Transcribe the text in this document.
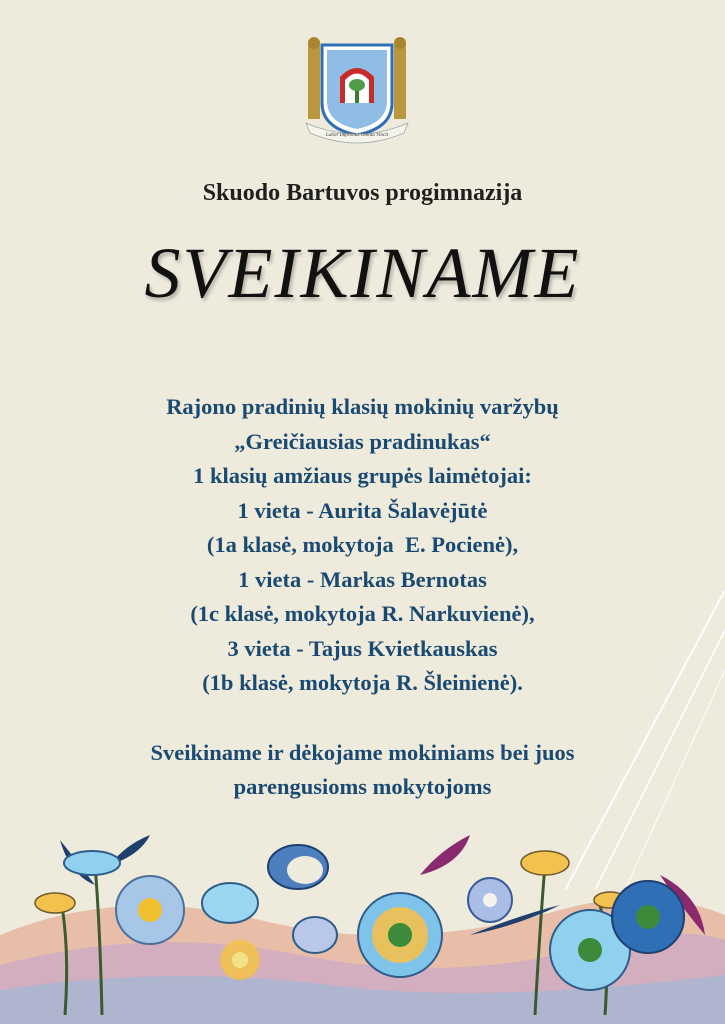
Labor Improbus Omnia Vincit
Skuodo Bartuvos progimnazija
SVEIKINAME
Rajono pradinių klasių mokinių varžybų
„Greičiausias pradinukas“
1 klasių amžiaus grupės laimėtojai:
1 vieta - Aurita Šalavėjūtė
(1a klasė, mokytoja  E. Pocienė),
1 vieta - Markas Bernotas
(1c klasė, mokytoja R. Narkuvienė),
3 vieta - Tajus Kvietkauskas
(1b klasė, mokytoja R. Šleinienė).
Sveikiname ir dėkojame mokiniams bei juos
parengusioms mokytojoms
